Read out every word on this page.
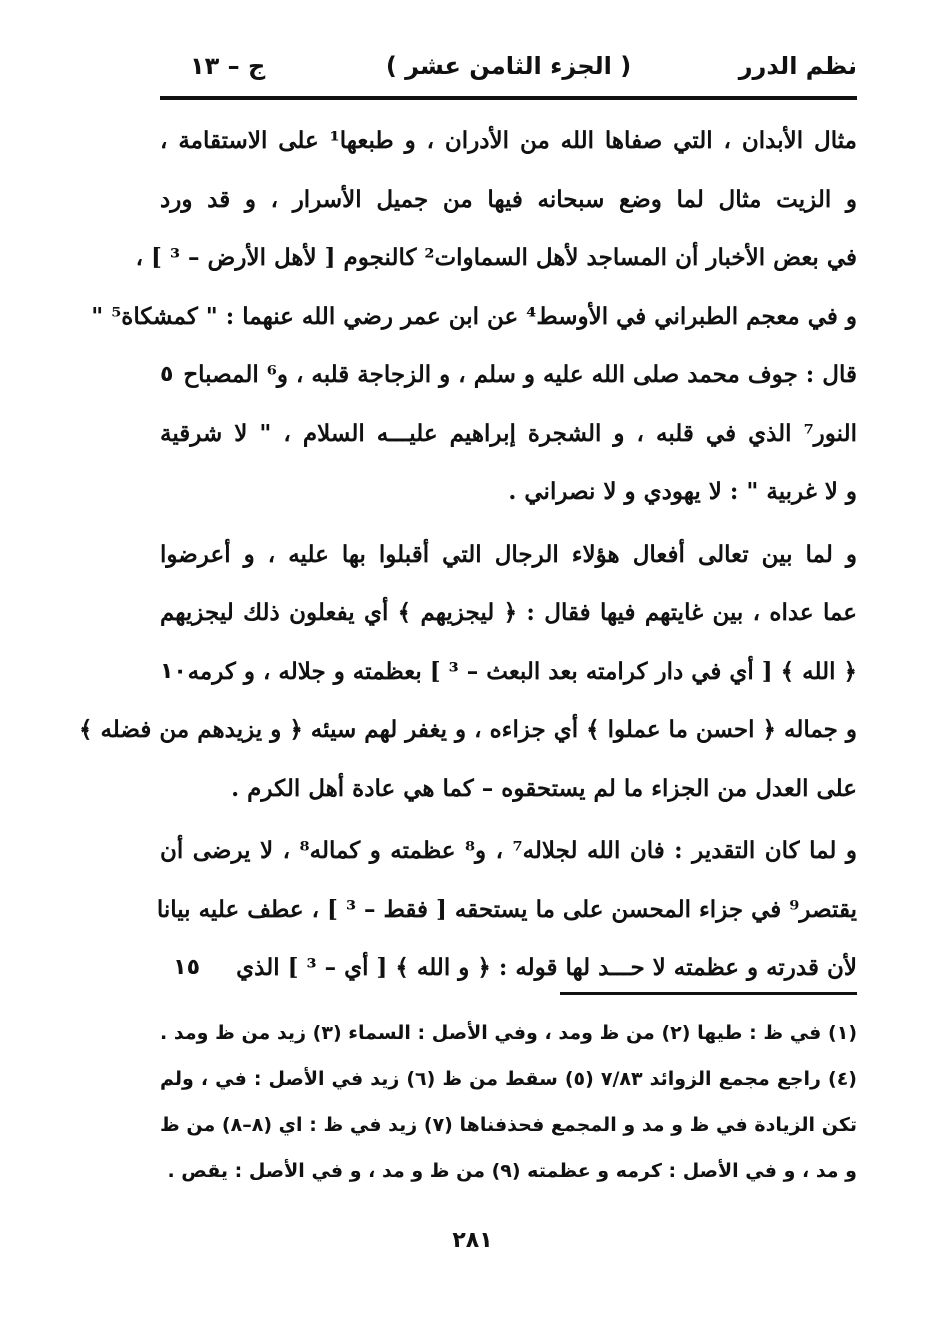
نظم الدرر
( الجزء الثامن عشر )
ج – ١٣
مثال الأبدان ، التي صفاها الله من الأدران ، و طبعها¹ على الاستقامة ،
و الزيت مثال لما وضع سبحانه فيها من جميل الأسرار ، و قد ورد
في بعض الأخبار أن المساجد لأهل السماوات² كالنجوم [ لأهل الأرض – ³ ] ،
و في معجم الطبراني في الأوسط⁴ عن ابن عمر رضي الله عنهما : " كمشكاة⁵ "
قال : جوف محمد صلى الله عليه و سلم ، و الزجاجة قلبه ، و⁶ المصباح
٥
النور⁷ الذي في قلبه ، و الشجرة إبراهيم عليـــه السلام ، " لا شرقية
و لا غربية " : لا يهودي و لا نصراني .
و لما بين تعالى أفعال هؤلاء الرجال التي أقبلوا بها عليه ، و أعرضوا
عما عداه ، بين غايتهم فيها فقال : ﴿ ليجزيهم ﴾ أي يفعلون ذلك ليجزيهم
﴿ الله ﴾ [ أي في دار كرامته بعد البعث – ³ ] بعظمته و جلاله ، و كرمه
١٠
و جماله ﴿ احسن ما عملوا ﴾ أي جزاءه ، و يغفر لهم سيئه ﴿ و يزيدهم من فضله ﴾
على العدل من الجزاء ما لم يستحقوه – كما هي عادة أهل الكرم .
و لما كان التقدير : فان الله لجلاله⁷ ، و⁸ عظمته و كماله⁸ ، لا يرضى أن
يقتصر⁹ في جزاء المحسن على ما يستحقه [ فقط – ³ ] ، عطف عليه بيانا
لأن قدرته و عظمته لا حـــد لها قوله : ﴿ و الله ﴾ [ أي – ³ ] الذي
١٥
(١) في ظ : طيها (٢) من ظ ومد ، وفي الأصل : السماء (٣) زيد من ظ ومد .
(٤) راجع مجمع الزوائد ٧/٨٣ (٥) سقط من ظ (٦) زيد في الأصل : في ، ولم
تكن الزيادة في ظ و مد و المجمع فحذفناها (٧) زيد في ظ : اي (٨–٨) من ظ
و مد ، و في الأصل : كرمه و عظمته (٩) من ظ و مد ، و في الأصل : يقص .
٢٨١
